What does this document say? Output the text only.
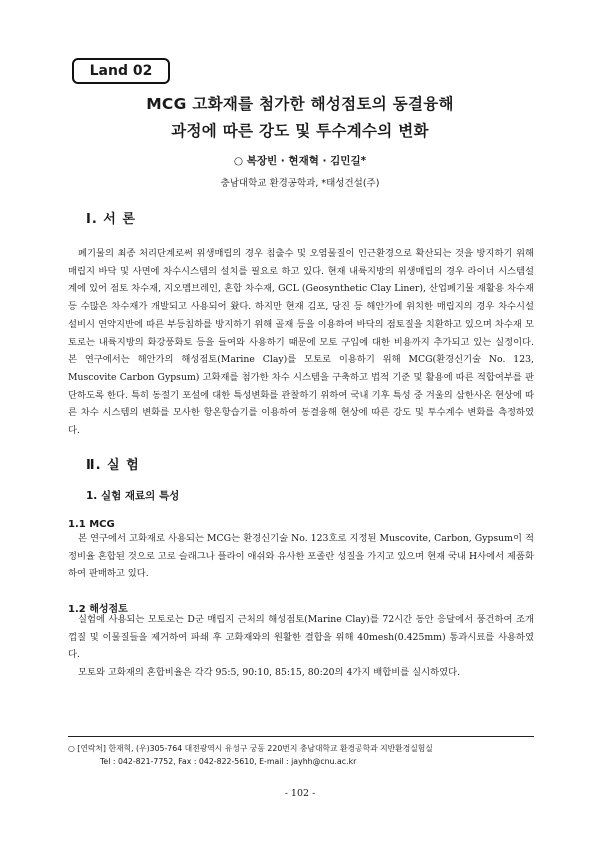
Land 02
MCG 고화재를 첨가한 해성점토의 동결융해
과정에 따른 강도 및 투수계수의 변화
○ 복장빈 · 현재혁 · 김민길*
충남대학교 환경공학과, *태성건설(주)
Ⅰ. 서 론

폐기물의 최종 처리단계로써 위생매립의 경우 침출수 및 오염물질이 인근환경으로 확산되는 것을 방지하기 위해 매립지 바닥 및 사면에 차수시스템의 설치를 필요로 하고 있다. 현재 내륙지방의 위생매립의 경우 라이너 시스템설계에 있어 점토 차수재, 지오멤브레인, 혼합 차수재, GCL (Geosynthetic Clay Liner), 산업폐기물 재활용 차수재 등 수많은 차수재가 개발되고 사용되어 왔다. 하지만 현재 김포, 당진 등 해안가에 위치한 매립지의 경우 차수시설 설비시 연약지반에 따른 부등침하를 방지하기 위해 골재 등을 이용하여 바닥의 점토질을 치환하고 있으며 차수재 모토로는 내륙지방의 화강풍화토 등을 들여와 사용하기 때문에 모토 구입에 대한 비용까지 추가되고 있는 실정이다. 본 연구에서는 해안가의 해성점토(Marine Clay)를 모토로 이용하기 위해 MCG(환경신기술 No. 123, Muscovite Carbon Gypsum) 고화재를 첨가한 차수 시스템을 구축하고 법적 기준 및 활용에 따른 적합여부를 판단하도록 한다. 특히 동절기 포설에 대한 특성변화를 관찰하기 위하여 국내 기후 특성 중 겨울의 삼한사온 현상에 따른 차수 시스템의 변화를 모사한 항온항습기를 이용하여 동결융해 현상에 따른 강도 및 투수계수 변화를 측정하였다.

Ⅱ. 실 험
1. 실험 재료의 특성
1.1 MCG

본 연구에서 고화재로 사용되는 MCG는 환경신기술 No. 123호로 지정된 Muscovite, Carbon, Gypsum이 적정비율 혼합된 것으로 고로 슬래그나 플라이 애쉬와 유사한 포졸란 성질을 가지고 있으며 현재 국내 H사에서 제품화하여 판매하고 있다.

1.2 해성점토

실험에 사용되는 모토로는 D군 매립지 근처의 해성점토(Marine Clay)를 72시간 동안 응달에서 풍건하여 조개껍질 및 이물질들을 제거하여 파쇄 후 고화재와의 원활한 결합을 위해 40mesh(0.425mm) 통과시료를 사용하였다.

모토와 고화재의 혼합비율은 각각 95:5, 90:10, 85:15, 80:20의 4가지 배합비를 실시하였다.

○ [연락처] 한재혁, (우)305-764 대전광역시 유성구 궁동 220번지 충남대학교 환경공학과 지반환경실험실
Tel : 042-821-7752, Fax : 042-822-5610, E-mail : jayhh@cnu.ac.kr
- 102 -
